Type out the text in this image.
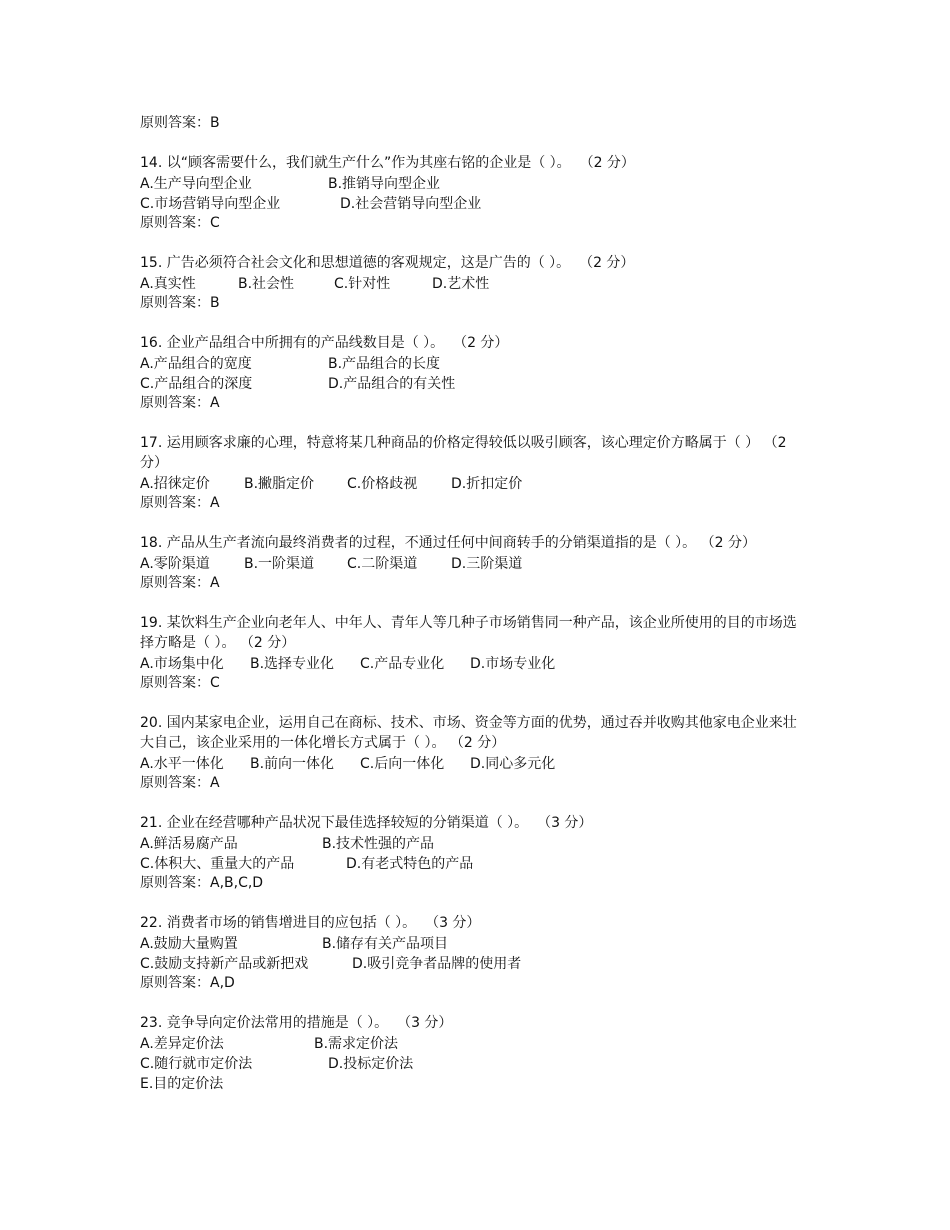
原则答案：B
14. 以“顾客需要什么，我们就生产什么”作为其座右铭的企业是（ ）。  （2 分）
A.生产导向型企业	B.推销导向型企业
C.市场营销导向型企业	D.社会营销导向型企业
原则答案：C
15. 广告必须符合社会文化和思想道德的客观规定，这是广告的（ ）。  （2 分）
A.真实性	B.社会性	C.针对性	D.艺术性
原则答案：B
16. 企业产品组合中所拥有的产品线数目是（ ）。  （2 分）
A.产品组合的宽度	B.产品组合的长度
C.产品组合的深度	D.产品组合的有关性
原则答案：A
17. 运用顾客求廉的心理，特意将某几种商品的价格定得较低以吸引顾客，该心理定价方略属于（ ） （2 分）
A.招徕定价	B.撇脂定价	C.价格歧视	D.折扣定价
原则答案：A
18. 产品从生产者流向最终消费者的过程，不通过任何中间商转手的分销渠道指的是（ ）。 （2 分）
A.零阶渠道	B.一阶渠道	C.二阶渠道	D.三阶渠道
原则答案：A
19. 某饮料生产企业向老年人、中年人、青年人等几种子市场销售同一种产品，该企业所使用的目的市场选择方略是（ ）。 （2 分）
A.市场集中化	B.选择专业化	C.产品专业化	D.市场专业化
原则答案：C
20. 国内某家电企业，运用自己在商标、技术、市场、资金等方面的优势，通过吞并收购其他家电企业来壮大自己，该企业采用的一体化增长方式属于（ ）。 （2 分）
A.水平一体化	B.前向一体化	C.后向一体化	D.同心多元化
原则答案：A
21. 企业在经营哪种产品状况下最佳选择较短的分销渠道（ ）。  （3 分）
A.鲜活易腐产品	B.技术性强的产品
C.体积大、重量大的产品	D.有老式特色的产品
原则答案：A,B,C,D
22. 消费者市场的销售增进目的应包括（ ）。  （3 分）
A.鼓励大量购置	B.储存有关产品项目
C.鼓励支持新产品或新把戏	D.吸引竞争者品牌的使用者
原则答案：A,D
23. 竞争导向定价法常用的措施是（ ）。  （3 分）
A.差异定价法	B.需求定价法
C.随行就市定价法	D.投标定价法
E.目的定价法
